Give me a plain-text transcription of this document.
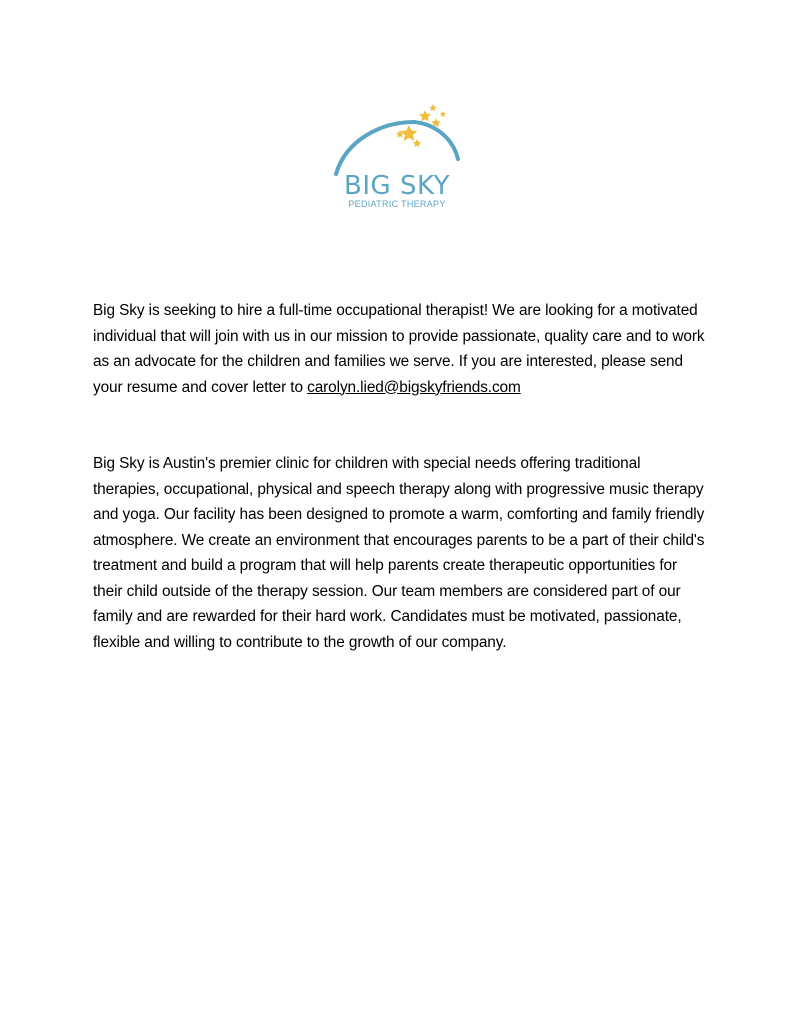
BIG SKY
PEDIATRIC THERAPY

Big Sky is seeking to hire a full-time occupational therapist! We are looking for a motivated individual that will join with us in our mission to provide passionate, quality care and to work as an advocate for the children and families we serve. If you are interested, please send your resume and cover letter to carolyn.lied@bigskyfriends.com

Big Sky is Austin's premier clinic for children with special needs offering traditional therapies, occupational, physical and speech therapy along with progressive music therapy and yoga. Our facility has been designed to promote a warm, comforting and family friendly atmosphere. We create an environment that encourages parents to be a part of their child's treatment and build a program that will help parents create therapeutic opportunities for their child outside of the therapy session. Our team members are considered part of our family and are rewarded for their hard work. Candidates must be motivated, passionate, flexible and willing to contribute to the growth of our company.
